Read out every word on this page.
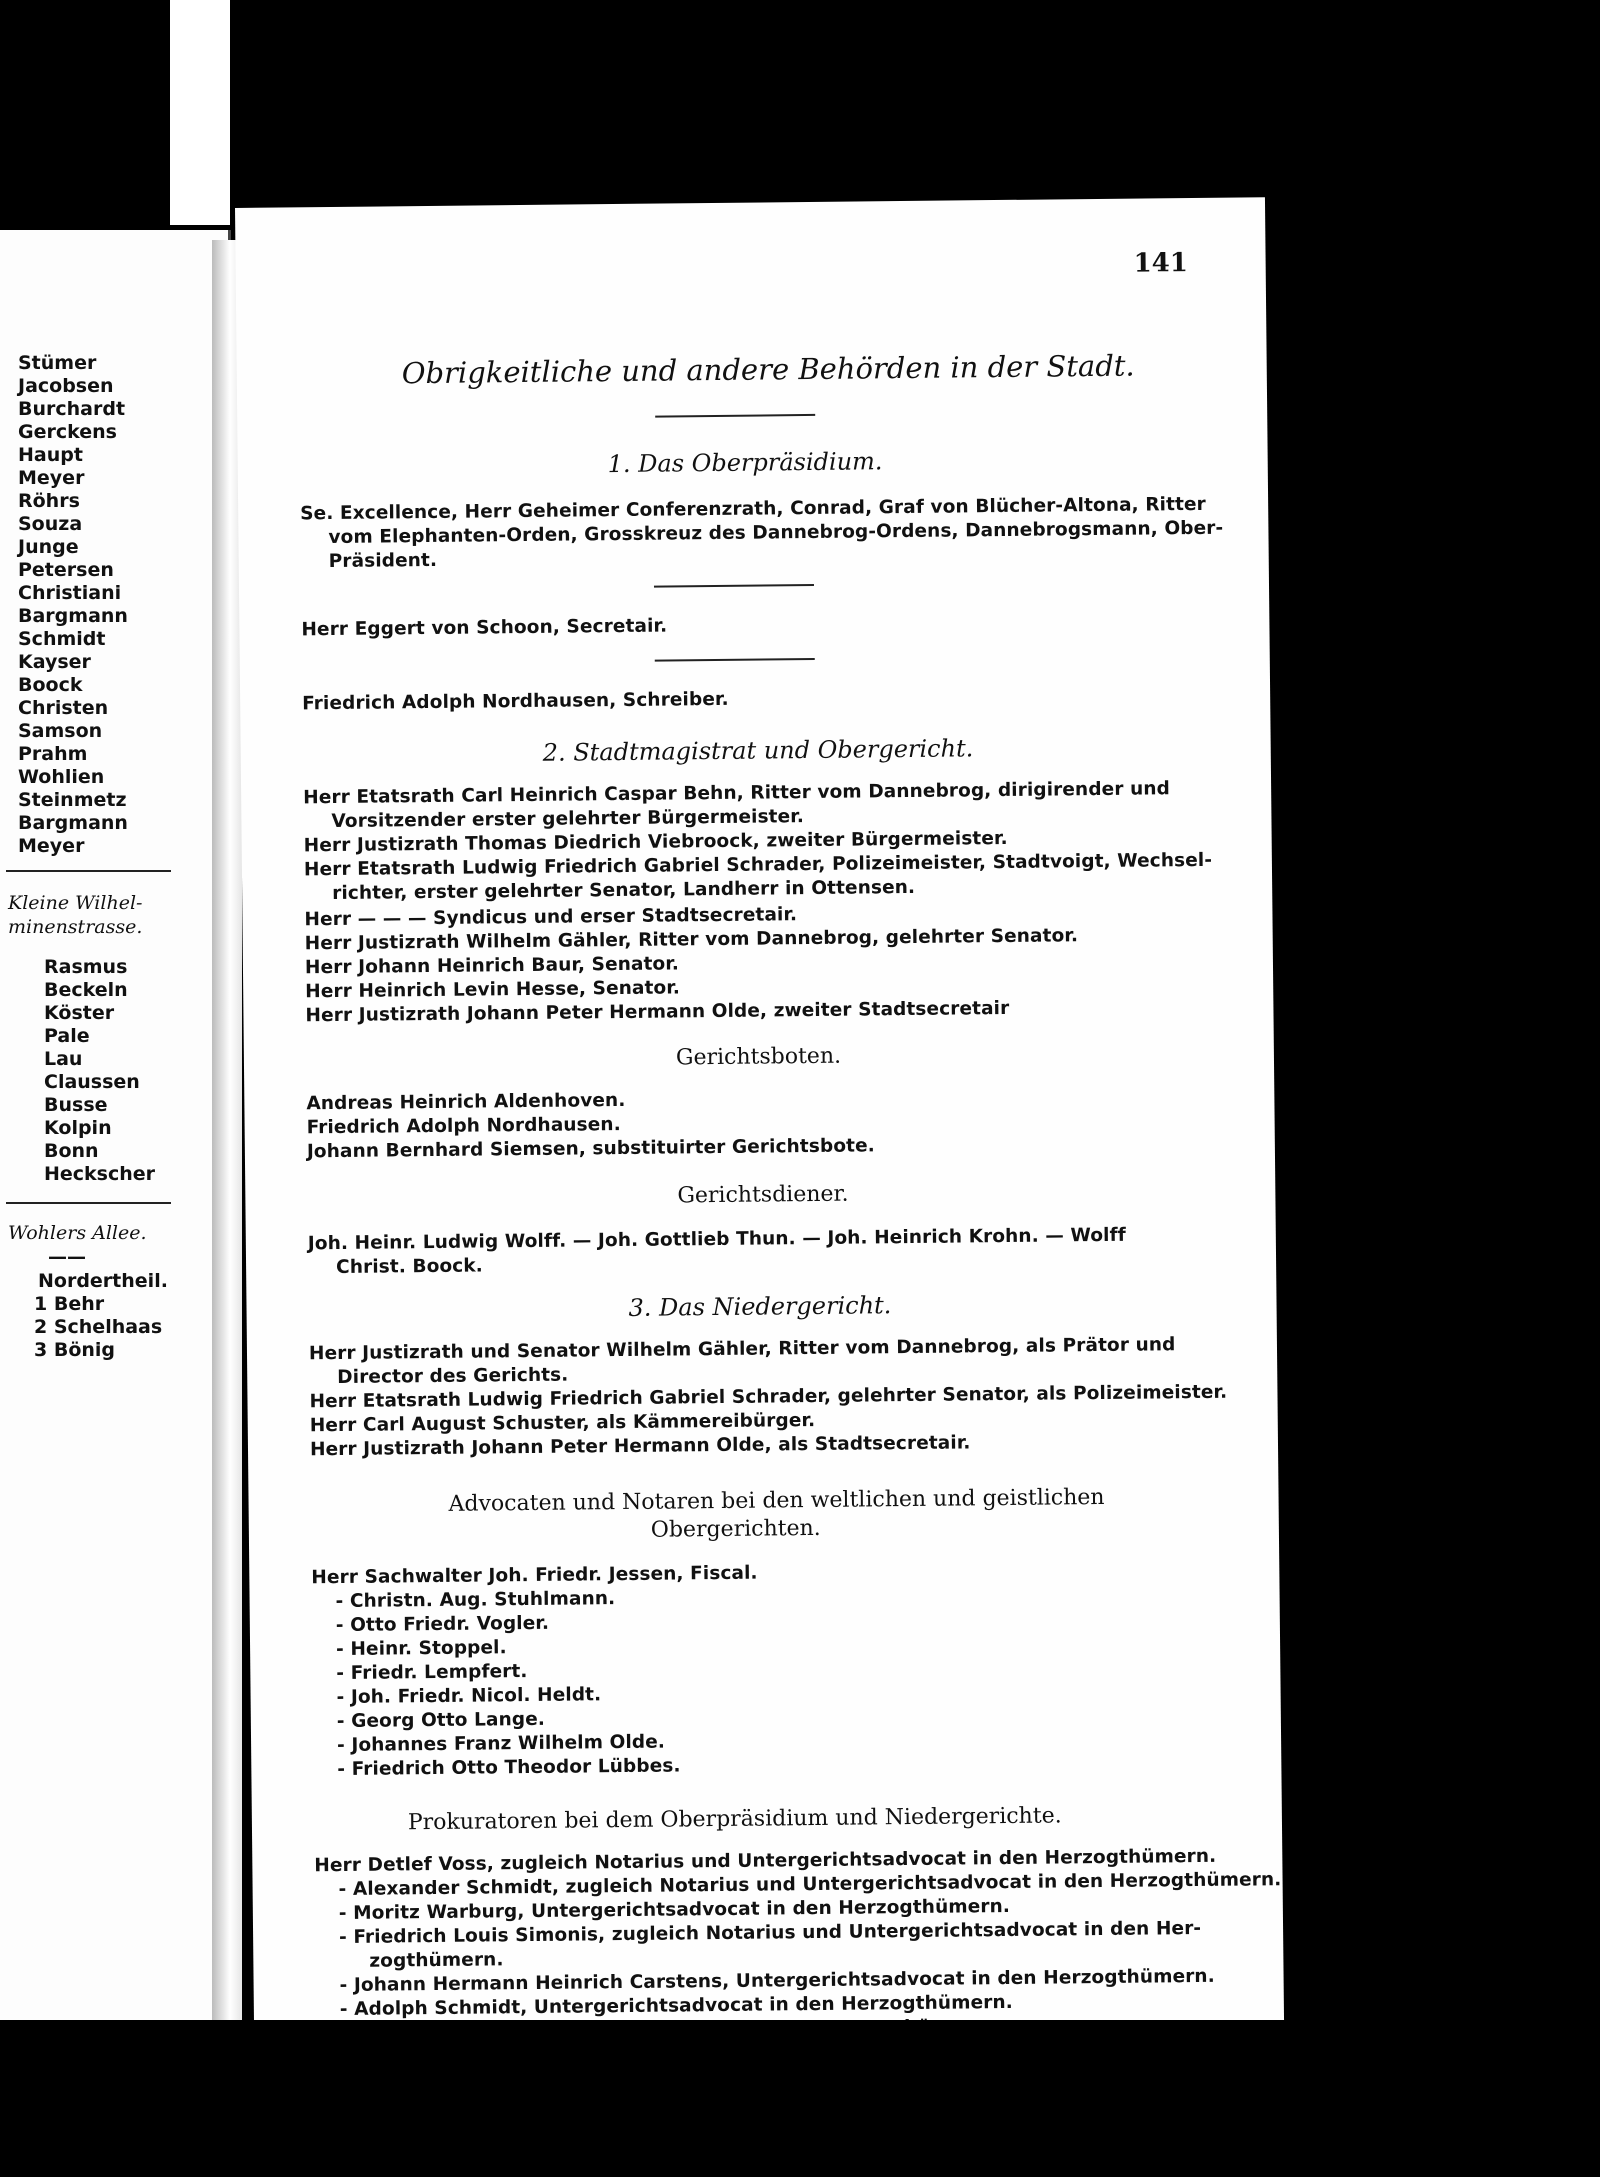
Stümer
Jacobsen
Burchardt
Gerckens
Haupt
Meyer
Röhrs
Souza
Junge
Petersen
Christiani
Bargmann
Schmidt
Kayser
Boock
Christen
Samson
Prahm
Wohlien
Steinmetz
Bargmann
Meyer
Kleine Wilhel-
minenstrasse.
Rasmus
Beckeln
Köster
Pale
Lau
Claussen
Busse
Kolpin
Bonn
Heckscher
Wohlers Allee.
——
Nordertheil.
1 Behr
2 Schelhaas
3 Bönig
141
Obrigkeitliche und andere Behörden in der Stadt.
1. Das Oberpräsidium.
Se. Excellence, Herr Geheimer Conferenzrath, Conrad, Graf von Blücher-Altona, Ritter
vom Elephanten-Orden, Grosskreuz des Dannebrog-Ordens, Dannebrogsmann, Ober-
Präsident.
Herr Eggert von Schoon, Secretair.
Friedrich Adolph Nordhausen, Schreiber.
2. Stadtmagistrat und Obergericht.
Herr Etatsrath Carl Heinrich Caspar Behn, Ritter vom Dannebrog, dirigirender und
Vorsitzender erster gelehrter Bürgermeister.
Herr Justizrath Thomas Diedrich Viebroock, zweiter Bürgermeister.
Herr Etatsrath Ludwig Friedrich Gabriel Schrader, Polizeimeister, Stadtvoigt, Wechsel-
richter, erster gelehrter Senator, Landherr in Ottensen.
Herr — — — Syndicus und erser Stadtsecretair.
Herr Justizrath Wilhelm Gähler, Ritter vom Dannebrog, gelehrter Senator.
Herr Johann Heinrich Baur, Senator.
Herr Heinrich Levin Hesse, Senator.
Herr Justizrath Johann Peter Hermann Olde, zweiter Stadtsecretair
Gerichtsboten.
Andreas Heinrich Aldenhoven.
Friedrich Adolph Nordhausen.
Johann Bernhard Siemsen, substituirter Gerichtsbote.
Gerichtsdiener.
Joh. Heinr. Ludwig Wolff. — Joh. Gottlieb Thun. — Joh. Heinrich Krohn. — Wolff
Christ. Boock.
3. Das Niedergericht.
Herr Justizrath und Senator Wilhelm Gähler, Ritter vom Dannebrog, als Prätor und
Director des Gerichts.
Herr Etatsrath Ludwig Friedrich Gabriel Schrader, gelehrter Senator, als Polizeimeister.
Herr Carl August Schuster, als Kämmereibürger.
Herr Justizrath Johann Peter Hermann Olde, als Stadtsecretair.
Advocaten und Notaren bei den weltlichen und geistlichen
Obergerichten.
Herr Sachwalter Joh. Friedr. Jessen, Fiscal.
- Christn. Aug. Stuhlmann.
- Otto Friedr. Vogler.
- Heinr. Stoppel.
- Friedr. Lempfert.
- Joh. Friedr. Nicol. Heldt.
- Georg Otto Lange.
- Johannes Franz Wilhelm Olde.
- Friedrich Otto Theodor Lübbes.
Prokuratoren bei dem Oberpräsidium und Niedergerichte.
Herr Detlef Voss, zugleich Notarius und Untergerichtsadvocat in den Herzogthümern.
- Alexander Schmidt, zugleich Notarius und Untergerichtsadvocat in den Herzogthümern.
- Moritz Warburg, Untergerichtsadvocat in den Herzogthümern.
- Friedrich Louis Simonis, zugleich Notarius und Untergerichtsadvocat in den Her-
zogthümern.
- Johann Hermann Heinrich Carstens, Untergerichtsadvocat in den Herzogthümern.
- Adolph Schmidt, Untergerichtsadvocat in den Herzogthümern.
